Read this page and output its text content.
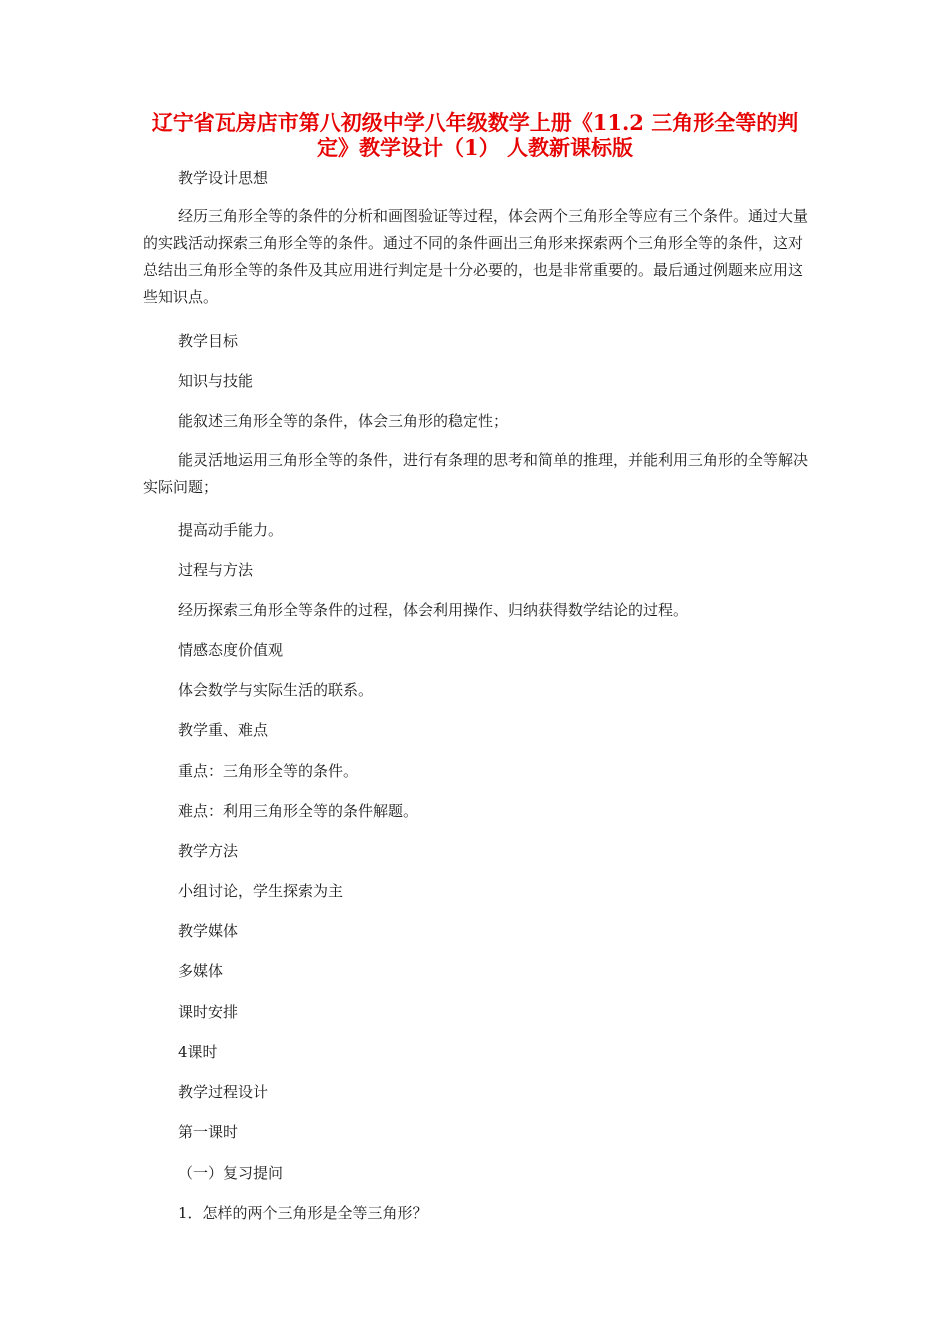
辽宁省瓦房店市第八初级中学八年级数学上册《11.2 三角形全等的判定》教学设计（1） 人教新课标版

教学设计思想

经历三角形全等的条件的分析和画图验证等过程，体会两个三角形全等应有三个条件。通过大量的实践活动探索三角形全等的条件。通过不同的条件画出三角形来探索两个三角形全等的条件，这对总结出三角形全等的条件及其应用进行判定是十分必要的，也是非常重要的。最后通过例题来应用这些知识点。

教学目标

知识与技能

能叙述三角形全等的条件，体会三角形的稳定性；

能灵活地运用三角形全等的条件，进行有条理的思考和简单的推理，并能利用三角形的全等解决实际问题；

提高动手能力。

过程与方法

经历探索三角形全等条件的过程，体会利用操作、归纳获得数学结论的过程。

情感态度价值观

体会数学与实际生活的联系。

教学重、难点

重点：三角形全等的条件。

难点：利用三角形全等的条件解题。

教学方法

小组讨论，学生探索为主

教学媒体

多媒体

课时安排

4课时

教学过程设计

第一课时

（一）复习提问

1．怎样的两个三角形是全等三角形？
